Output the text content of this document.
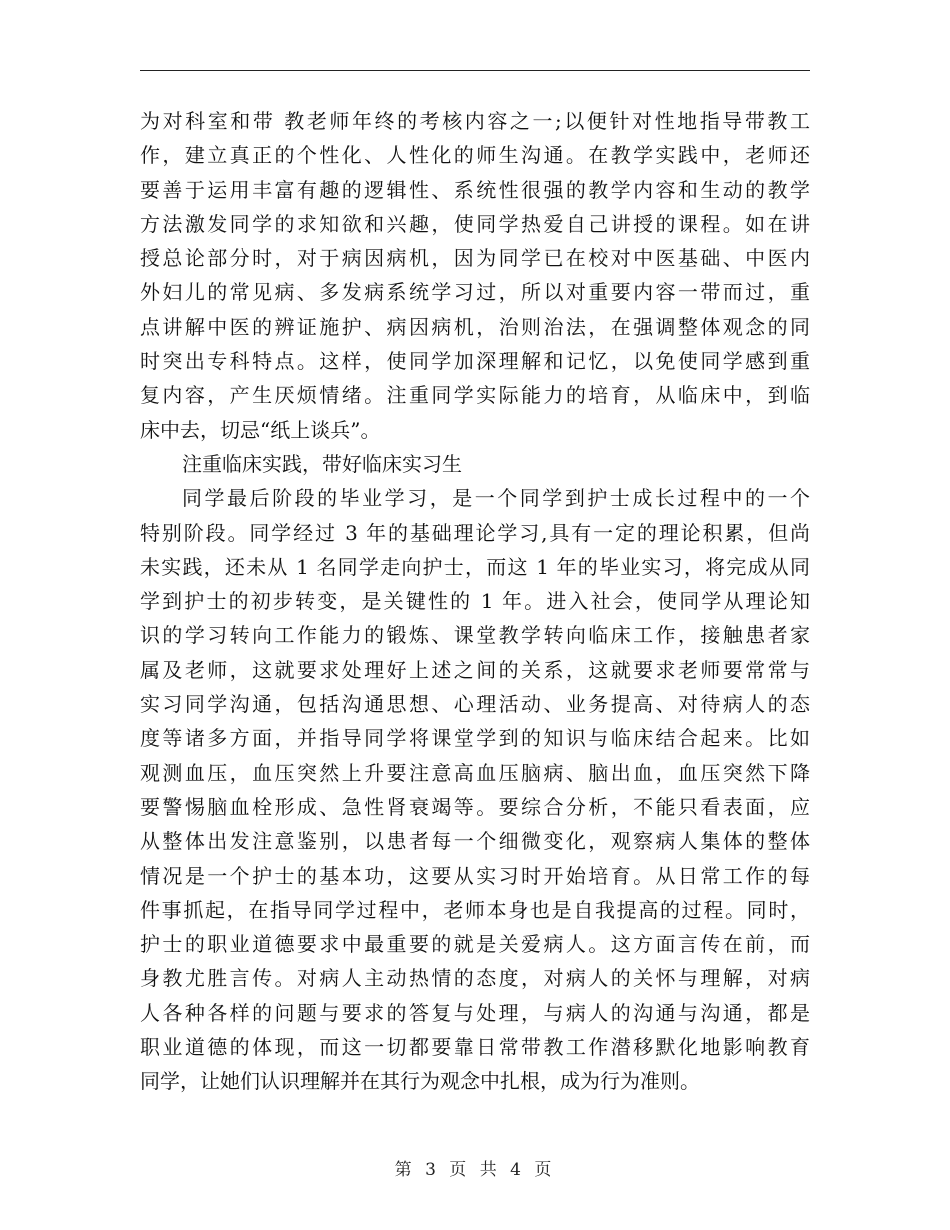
为对科室和带 教老师年终的考核内容之一;以便针对性地指导带教工
作，建立真正的个性化、人性化的师生沟通。在教学实践中，老师还
要善于运用丰富有趣的逻辑性、系统性很强的教学内容和生动的教学
方法激发同学的求知欲和兴趣，使同学热爱自己讲授的课程。如在讲
授总论部分时，对于病因病机，因为同学已在校对中医基础、中医内
外妇儿的常见病、多发病系统学习过，所以对重要内容一带而过，重
点讲解中医的辨证施护、病因病机，治则治法，在强调整体观念的同
时突出专科特点。这样，使同学加深理解和记忆，以免使同学感到重
复内容，产生厌烦情绪。注重同学实际能力的培育，从临床中，到临
床中去，切忌“纸上谈兵”。
注重临床实践，带好临床实习生
同学最后阶段的毕业学习，是一个同学到护士成长过程中的一个
特别阶段。同学经过 3 年的基础理论学习,具有一定的理论积累，但尚
未实践，还未从 1 名同学走向护士，而这 1 年的毕业实习，将完成从同
学到护士的初步转变，是关键性的 1 年。进入社会，使同学从理论知
识的学习转向工作能力的锻炼、课堂教学转向临床工作，接触患者家
属及老师，这就要求处理好上述之间的关系，这就要求老师要常常与
实习同学沟通，包括沟通思想、心理活动、业务提高、对待病人的态
度等诸多方面，并指导同学将课堂学到的知识与临床结合起来。比如
观测血压，血压突然上升要注意高血压脑病、脑出血，血压突然下降
要警惕脑血栓形成、急性肾衰竭等。要综合分析，不能只看表面，应
从整体出发注意鉴别，以患者每一个细微变化，观察病人集体的整体
情况是一个护士的基本功，这要从实习时开始培育。从日常工作的每
件事抓起，在指导同学过程中，老师本身也是自我提高的过程。同时，
护士的职业道德要求中最重要的就是关爱病人。这方面言传在前，而
身教尤胜言传。对病人主动热情的态度，对病人的关怀与理解，对病
人各种各样的问题与要求的答复与处理，与病人的沟通与沟通，都是
职业道德的体现，而这一切都要靠日常带教工作潜移默化地影响教育
同学，让她们认识理解并在其行为观念中扎根，成为行为准则。
第 3 页 共 4 页
